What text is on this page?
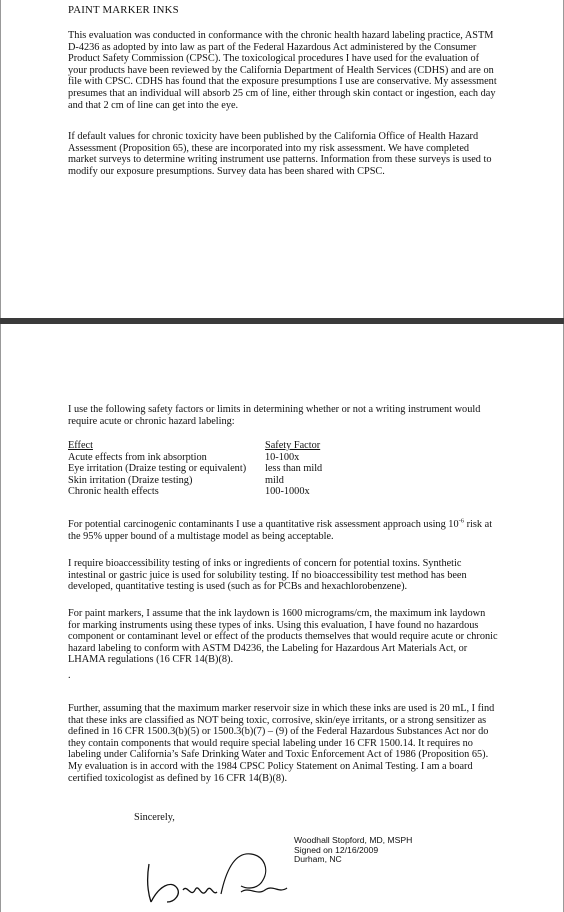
PAINT MARKER INKS
This evaluation was conducted in conformance with the chronic health hazard labeling practice, ASTM D-4236 as adopted by into law as part of the Federal Hazardous Act administered by the Consumer Product Safety Commission (CPSC). The toxicological procedures I have used for the evaluation of your products have been reviewed by the California Department of Health Services (CDHS) and are on file with CPSC. CDHS has found that the exposure presumptions I use are conservative. My assessment presumes that an individual will absorb 25 cm of line, either through skin contact or ingestion, each day and that 2 cm of line can get into the eye.
If default values for chronic toxicity have been published by the California Office of Health Hazard Assessment (Proposition 65), these are incorporated into my risk assessment. We have completed market surveys to determine writing instrument use patterns. Information from these surveys is used to modify our exposure presumptions. Survey data has been shared with CPSC.
I use the following safety factors or limits in determining whether or not a writing instrument would require acute or chronic hazard labeling:
Effect	Safety Factor
Acute effects from ink absorption	10-100x
Eye irritation (Draize testing or equivalent)	less than mild
Skin irritation (Draize testing)	mild
Chronic health effects	100-1000x
For potential carcinogenic contaminants I use a quantitative risk assessment approach using $10^{-6}$ risk at the 95% upper bound of a multistage model as being acceptable.
I require bioaccessibility testing of inks or ingredients of concern for potential toxins. Synthetic intestinal or gastric juice is used for solubility testing. If no bioaccessibility test method has been developed, quantitative testing is used (such as for PCBs and hexachlorobenzene).
For paint markers, I assume that the ink laydown is 1600 micrograms/cm, the maximum ink laydown for marking instruments using these types of inks. Using this evaluation, I have found no hazardous component or contaminant level or effect of the products themselves that would require acute or chronic hazard labeling to conform with ASTM D4236, the Labeling for Hazardous Art Materials Act, or LHAMA regulations (16 CFR 14(B)(8).
.
Further, assuming that the maximum marker reservoir size in which these inks are used is 20 mL, I find that these inks are classified as NOT being toxic, corrosive, skin/eye irritants, or a strong sensitizer as defined in 16 CFR 1500.3(b)(5) or 1500.3(b)(7) – (9) of the Federal Hazardous Substances Act nor do they contain components that would require special labeling under 16 CFR 1500.14. It requires no labeling under California’s Safe Drinking Water and Toxic Enforcement Act of 1986 (Proposition 65). My evaluation is in accord with the 1984 CPSC Policy Statement on Animal Testing. I am a board certified toxicologist as defined by 16 CFR 14(B)(8).
Sincerely,
Woodhall Stopford, MD, MSPH
Signed on 12/16/2009
Durham, NC
